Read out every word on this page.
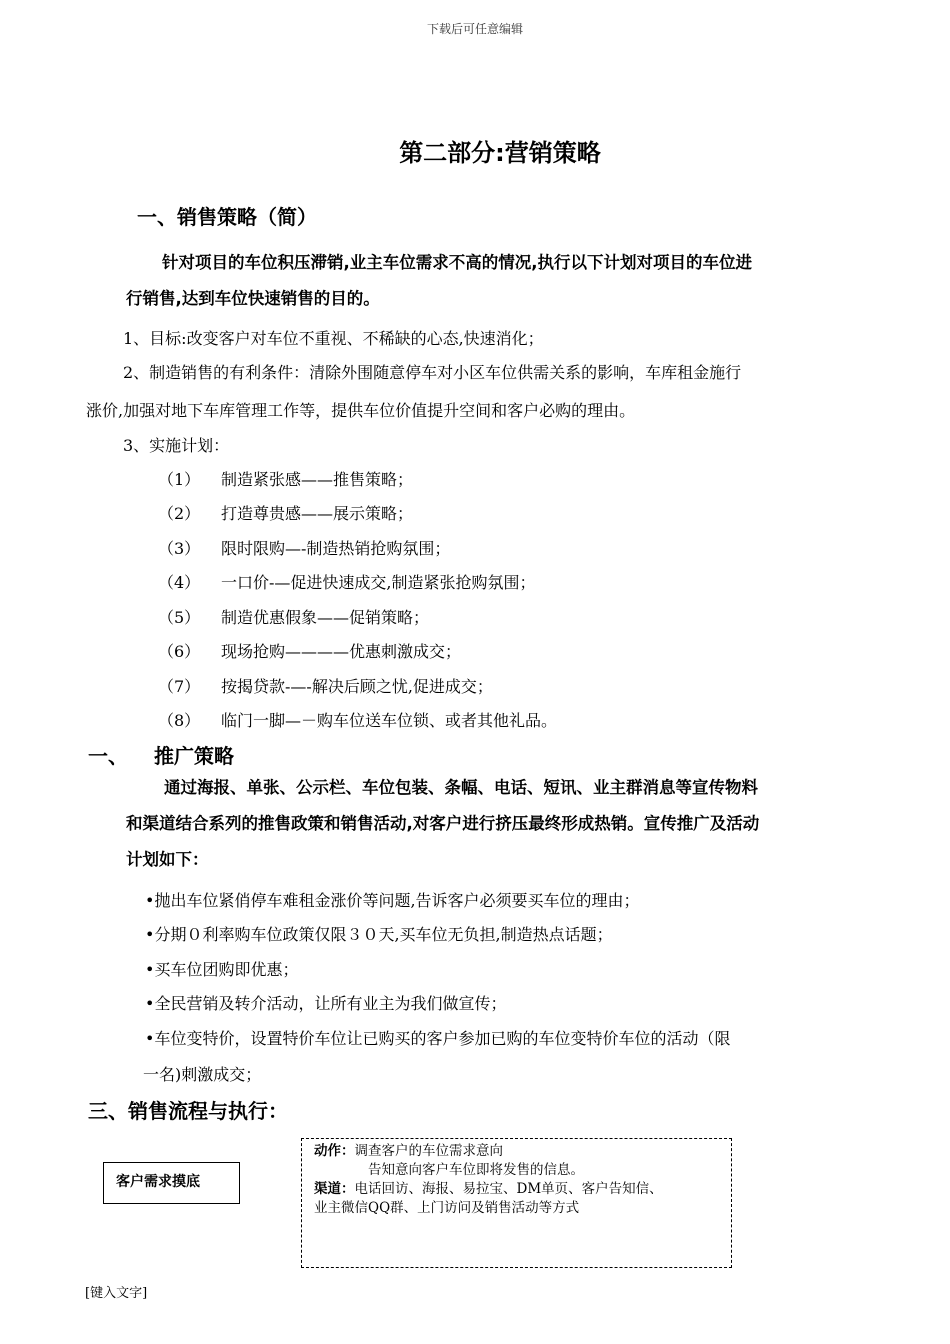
下载后可任意编辑
第二部分:营销策略
一、销售策略（简）
针对项目的车位积压滞销,业主车位需求不高的情况,执行以下计划对项目的车位进
行销售,达到车位快速销售的目的。
1、目标:改变客户对车位不重视、不稀缺的心态,快速消化；
2、制造销售的有利条件：清除外围随意停车对小区车位供需关系的影响，车库租金施行
涨价,加强对地下车库管理工作等，提供车位价值提升空间和客户必购的理由。
3、实施计划：
（1） 制造紧张感——推售策略；
（2） 打造尊贵感——展示策略；
（3） 限时限购—-制造热销抢购氛围；
（4） 一口价-—促进快速成交,制造紧张抢购氛围；
（5） 制造优惠假象——促销策略；
（6） 现场抢购————优惠刺激成交；
（7） 按揭贷款-—-解决后顾之忧,促进成交；
（8） 临门一脚—－购车位送车位锁、或者其他礼品。
一、 推广策略
通过海报、单张、公示栏、车位包装、条幅、电话、短讯、业主群消息等宣传物料
和渠道结合系列的推售政策和销售活动,对客户进行挤压最终形成热销。宣传推广及活动
计划如下：
•抛出车位紧俏停车难租金涨价等问题,告诉客户必须要买车位的理由；
•分期０利率购车位政策仅限３０天,买车位无负担,制造热点话题；
•买车位团购即优惠；
•全民营销及转介活动，让所有业主为我们做宣传；
•车位变特价，设置特价车位让已购买的客户参加已购的车位变特价车位的活动（限
一名)刺激成交；
三、销售流程与执行：
客户需求摸底
动作：调查客户的车位需求意向
告知意向客户车位即将发售的信息。
渠道：电话回访、海报、易拉宝、DM单页、客户告知信、
业主微信QQ群、上门访问及销售活动等方式
[键入文字]
